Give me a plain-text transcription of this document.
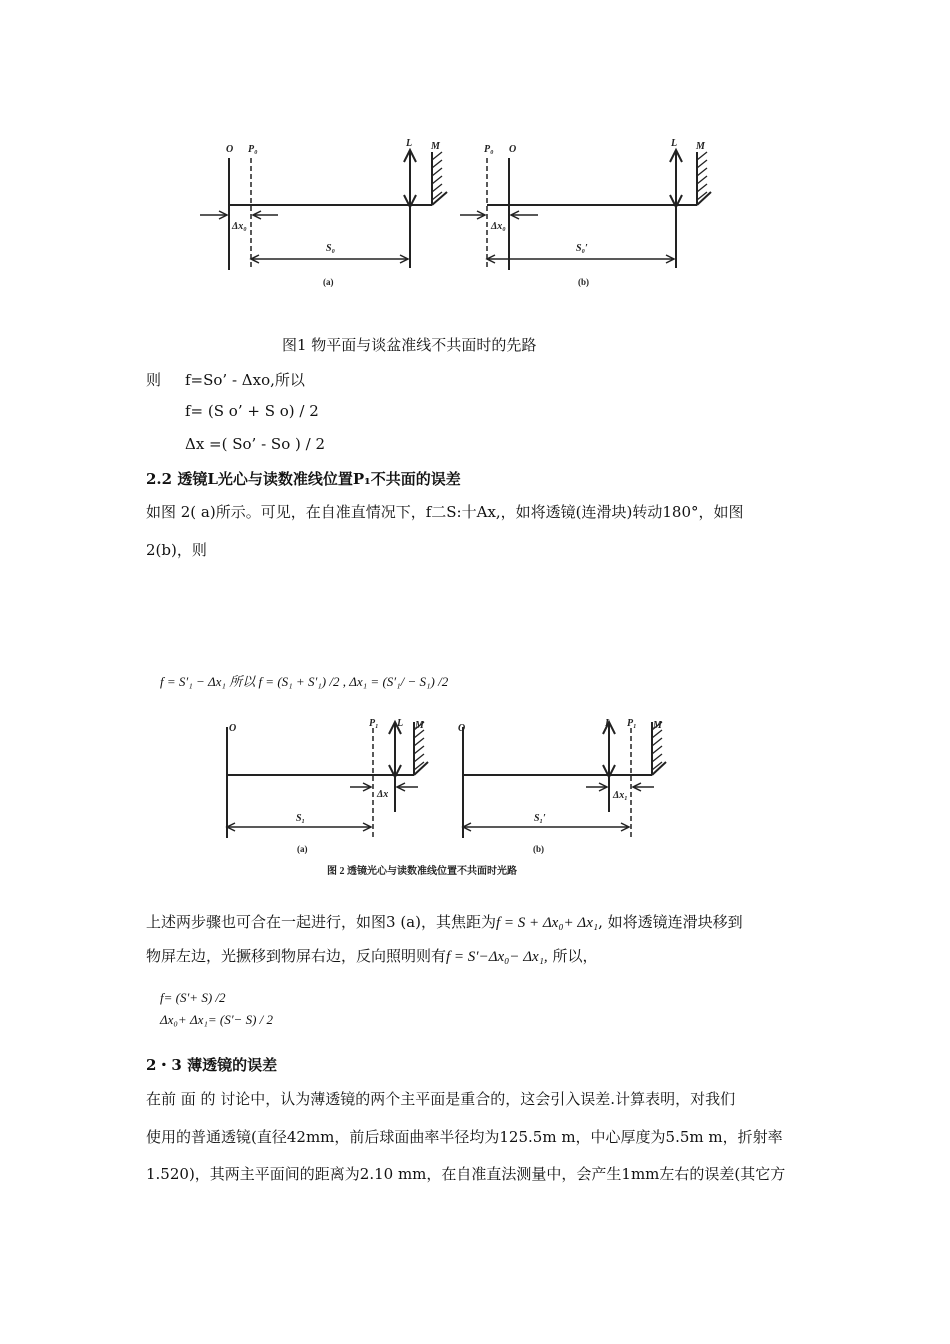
O P₀
L M
Δx₀
S₀
(a)
P₀ O
L M
Δx₀
S₀′
(b)
图1 物平面与谈盆准线不共面时的先路
则 f=So’ - Δxo,所以
f= (S o’ + S o) / 2
Δx =( So’ - So ) / 2
2.2 透镜L光心与读数准线位置P₁不共面的误差
如图 2( a)所示。可见，在自准直情况下，f二S:十Ax,，如将透镜(连滑块)转动180°，如图
2(b)，则
f = S′₁ − Δx₁ 所以 f = (S₁ + S′₁) /2 , Δx₁ = (S′₁/ − S₁) /2
O	P₁ L M
Δx
S₁
(a)
O	L P₁ M
Δx₁
S₁′
(b)
图 2 透镜光心与读数准线位置不共面时光路
上述两步骤也可合在一起进行，如图3 (a)，其焦距为f = S + Δx₀+ Δx₁, 如将透镜连滑块移到
物屏左边，光撅移到物屏右边，反向照明则有f = S′−Δx₀− Δx₁, 所以，
f= (S′+ S) /2
Δx₀+ Δx₁= (S′− S) / 2
2・3 薄透镜的误差
在前 面 的 讨论中，认为薄透镜的两个主平面是重合的，这会引入误差.计算表明，对我们
使用的普通透镜(直径42mm，前后球面曲率半径均为125.5m m，中心厚度为5.5m m，折射率
1.520)，其两主平面间的距离为2.10 mm，在自准直法测量中，会产生1mm左右的误差(其它方
